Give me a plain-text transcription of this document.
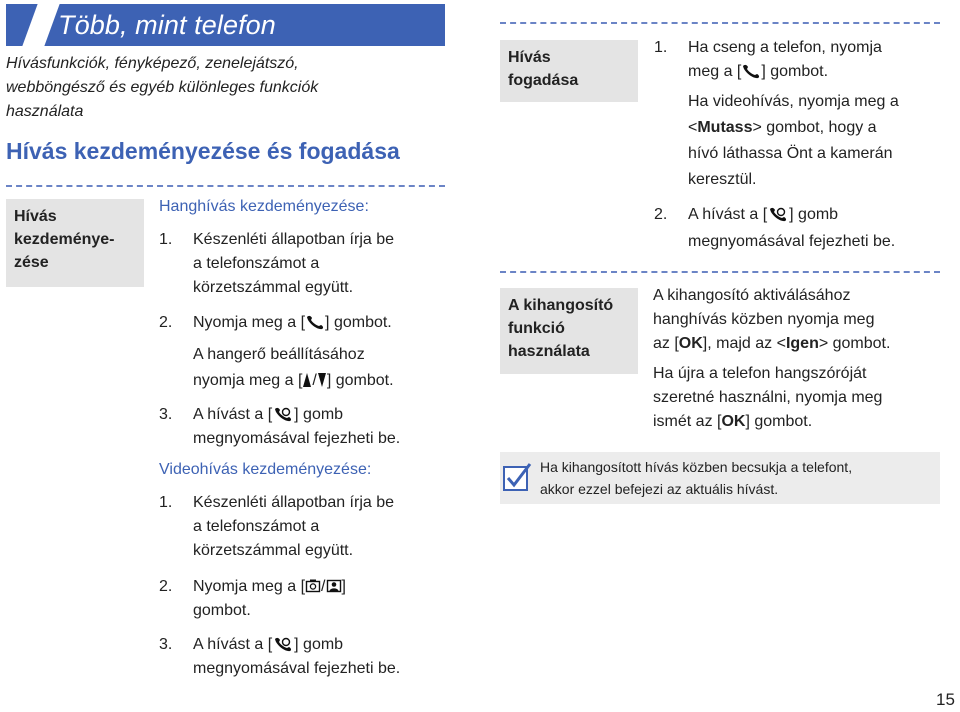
Több, mint telefon
Hívásfunkciók, fényképező, zenelejátszó,
webböngésző és egyéb különleges funkciók
használata
Hívás kezdeményezése és fogadása
Hívás
kezdeménye-
zése
Hanghívás kezdeményezése:
1. Készenléti állapotban írja be
a telefonszámot a
körzetszámmal együtt.
2. Nyomja meg a [ ] gombot.
A hangerő beállításához
nyomja meg a [ / ] gombot.
3. A hívást a [ ] gomb
megnyomásával fejezheti be.
Videohívás kezdeményezése:
1. Készenléti állapotban írja be
a telefonszámot a
körzetszámmal együtt.
2. Nyomja meg a [ / ]
gombot.
3. A hívást a [ ] gomb
megnyomásával fejezheti be.
Hívás
fogadása
1. Ha cseng a telefon, nyomja
meg a [ ] gombot.
Ha videohívás, nyomja meg a
<Mutass> gombot, hogy a
hívó láthassa Önt a kamerán
keresztül.
2. A hívást a [ ] gomb
megnyomásával fejezheti be.
A kihangosító
funkció
használata
A kihangosító aktiválásához
hanghívás közben nyomja meg
az [OK], majd az <Igen> gombot.
Ha újra a telefon hangszóróját
szeretné használni, nyomja meg
ismét az [OK] gombot.
Ha kihangosított hívás közben becsukja a telefont,
akkor ezzel befejezi az aktuális hívást.
15
